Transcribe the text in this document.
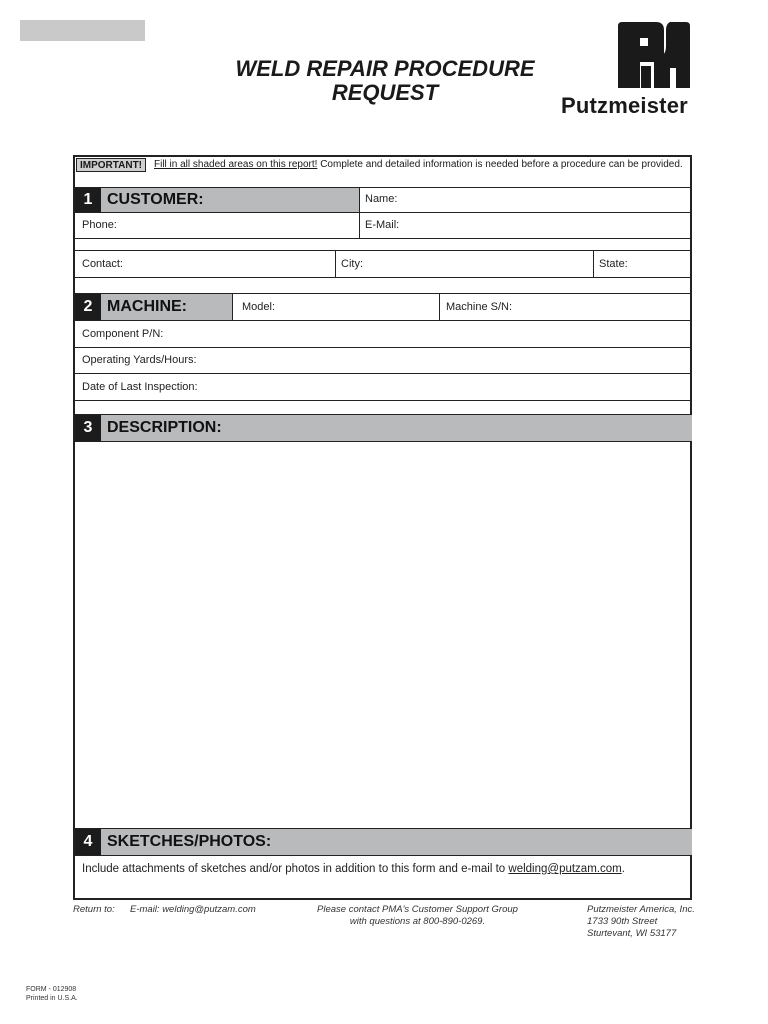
WELD REPAIR PROCEDURE
REQUEST
Putzmeister
IMPORTANT!	Fill in all shaded areas on this report! Complete and detailed information is needed before a procedure can be provided.
1 CUSTOMER:	Name:
Phone:	E-Mail:
Contact:	City:	State:
2 MACHINE:	Model:	Machine S/N:
Component P/N:
Operating Yards/Hours:
Date of Last Inspection:
3 DESCRIPTION:
4 SKETCHES/PHOTOS:
Include attachments of sketches and/or photos in addition to this form and e-mail to welding@putzam.com.
Return to: E-mail: welding@putzam.com	Please contact PMA's Customer Support Group
with questions at 800-890-0269.
Putzmeister America, Inc.
1733 90th Street
Sturtevant, WI 53177
FORM - 012908
Printed in U.S.A.
